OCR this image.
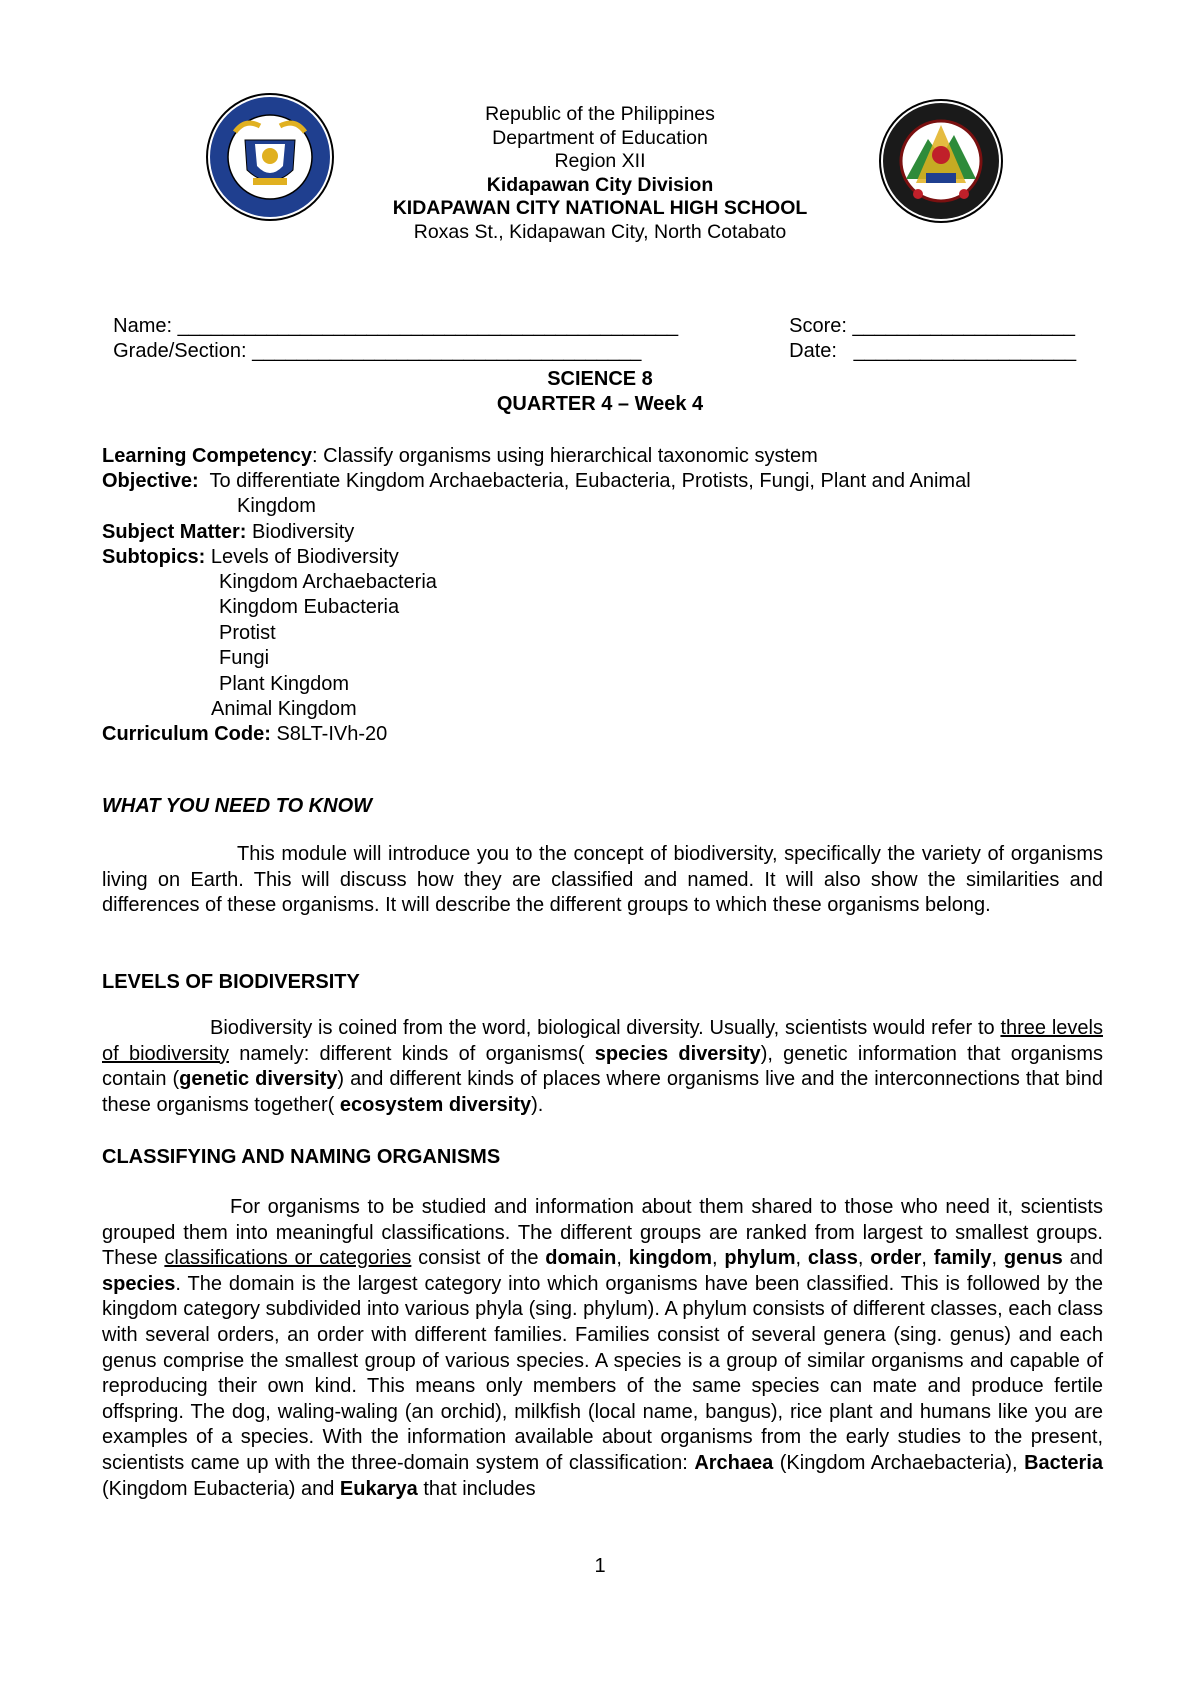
Republic of the Philippines
Department of Education
Region XII
Kidapawan City Division
KIDAPAWAN CITY NATIONAL HIGH SCHOOL
Roxas St., Kidapawan City, North Cotabato

Name: _____________________________________________	Score: ____________________

Grade/Section: ___________________________________	Date: ____________________

SCIENCE 8
QUARTER 4 – Week 4
Learning Competency: Classify organisms using hierarchical taxonomic system
Objective: To differentiate Kingdom Archaebacteria, Eubacteria, Protists, Fungi, Plant and Animal
Kingdom
Subject Matter: Biodiversity
Subtopics: Levels of Biodiversity
Kingdom Archaebacteria
Kingdom Eubacteria
Protist
Fungi
Plant Kingdom
Animal Kingdom
Curriculum Code: S8LT-IVh-20
WHAT YOU NEED TO KNOW
This module will introduce you to the concept of biodiversity, specifically the variety of organisms living on Earth. This will discuss how they are classified and named. It will also show the similarities and differences of these organisms. It will describe the different groups to which these organisms belong.
LEVELS OF BIODIVERSITY
Biodiversity is coined from the word, biological diversity. Usually, scientists would refer to three levels of biodiversity namely: different kinds of organisms( species diversity), genetic information that organisms contain (genetic diversity) and different kinds of places where organisms live and the interconnections that bind these organisms together( ecosystem diversity).
CLASSIFYING AND NAMING ORGANISMS
For organisms to be studied and information about them shared to those who need it, scientists grouped them into meaningful classifications. The different groups are ranked from largest to smallest groups. These classifications or categories consist of the domain, kingdom, phylum, class, order, family, genus and species. The domain is the largest category into which organisms have been classified. This is followed by the kingdom category subdivided into various phyla (sing. phylum). A phylum consists of different classes, each class with several orders, an order with different families. Families consist of several genera (sing. genus) and each genus comprise the smallest group of various species. A species is a group of similar organisms and capable of reproducing their own kind. This means only members of the same species can mate and produce fertile offspring. The dog, waling-waling (an orchid), milkfish (local name, bangus), rice plant and humans like you are examples of a species. With the information available about organisms from the early studies to the present, scientists came up with the three-domain system of classification: Archaea (Kingdom Archaebacteria), Bacteria (Kingdom Eubacteria) and Eukarya that includes
1
